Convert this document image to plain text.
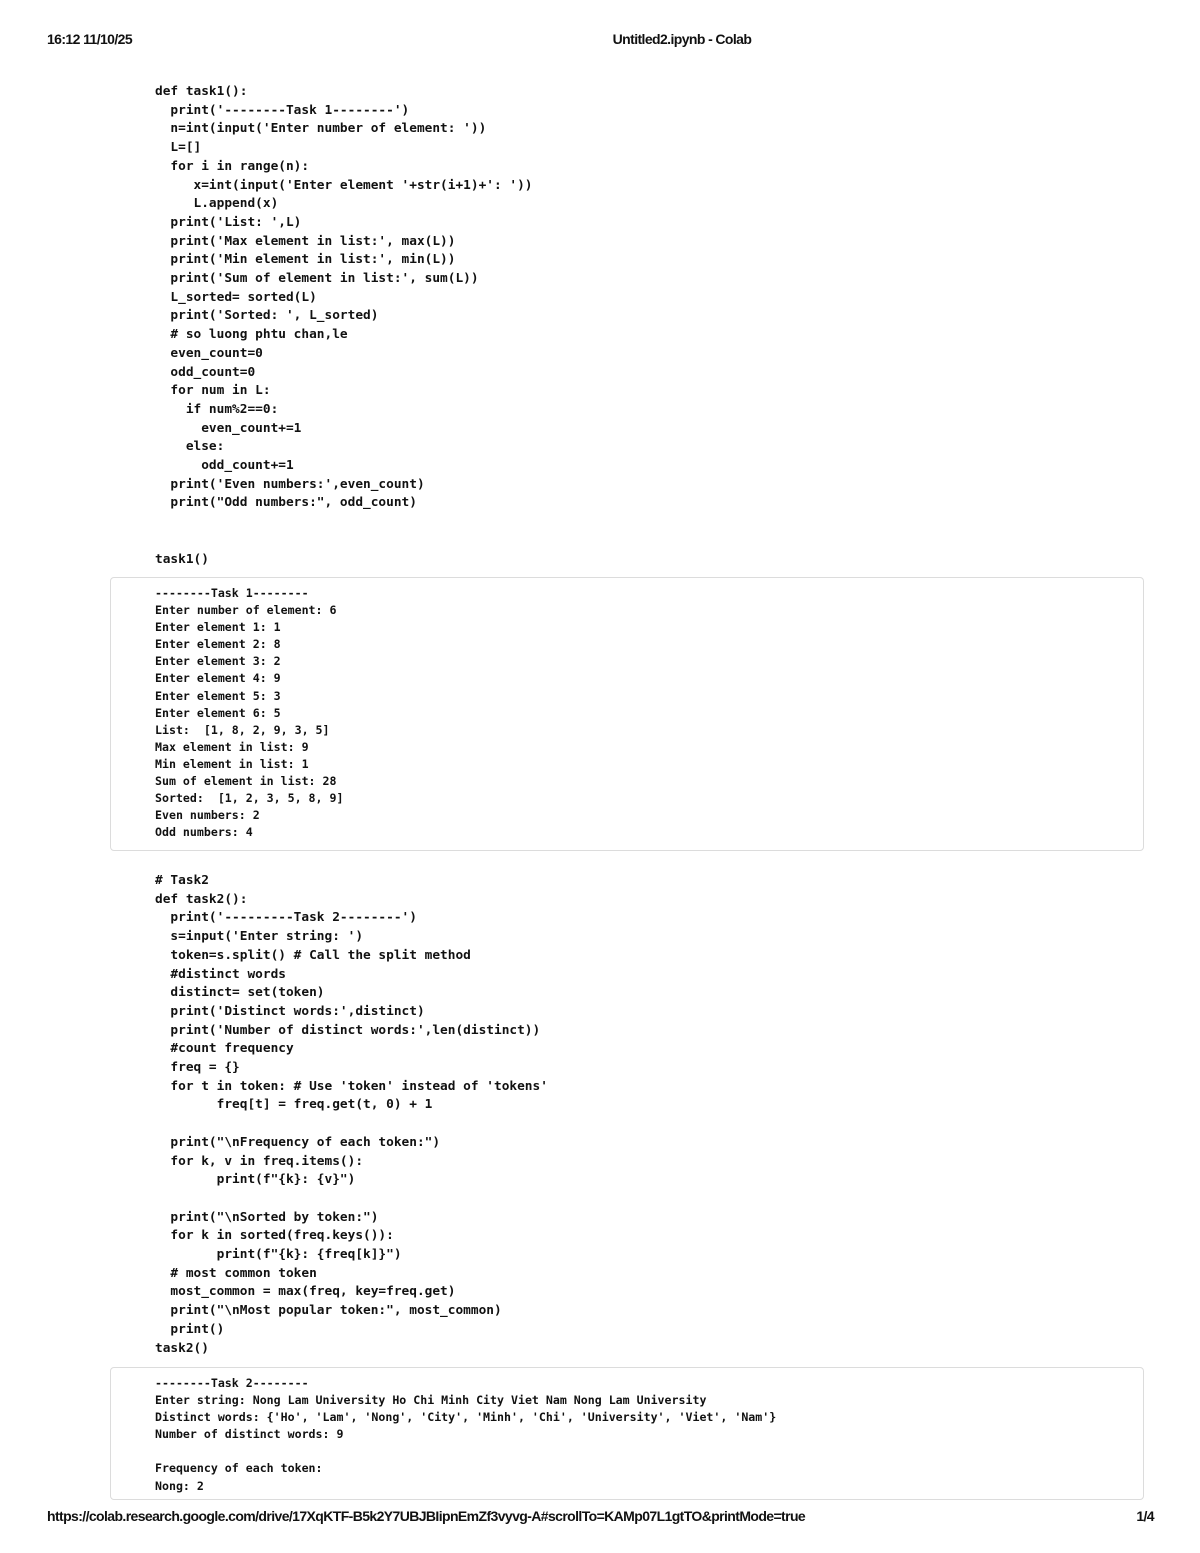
16:12 11/10/25	Untitled2.ipynb - Colab
def task1():
print('--------Task 1--------')
n=int(input('Enter number of element: '))
L=[]
for i in range(n):
x=int(input('Enter element '+str(i+1)+': '))
L.append(x)
print('List: ',L)
print('Max element in list:', max(L))
print('Min element in list:', min(L))
print('Sum of element in list:', sum(L))
L_sorted= sorted(L)
print('Sorted: ', L_sorted)
# so luong phtu chan,le
even_count=0
odd_count=0
for num in L:
if num%2==0:
even_count+=1
else:
odd_count+=1
print('Even numbers:',even_count)
print("Odd numbers:", odd_count)

task1()
--------Task 1--------
Enter number of element: 6
Enter element 1: 1
Enter element 2: 8
Enter element 3: 2
Enter element 4: 9
Enter element 5: 3
Enter element 6: 5
List:  [1, 8, 2, 9, 3, 5]
Max element in list: 9
Min element in list: 1
Sum of element in list: 28
Sorted:  [1, 2, 3, 5, 8, 9]
Even numbers: 2
Odd numbers: 4
# Task2
def task2():
print('---------Task 2--------')
s=input('Enter string: ')
token=s.split() # Call the split method
#distinct words
distinct= set(token)
print('Distinct words:',distinct)
print('Number of distinct words:',len(distinct))
#count frequency
freq = {}
for t in token: # Use 'token' instead of 'tokens'
freq[t] = freq.get(t, 0) + 1

print("\nFrequency of each token:")
for k, v in freq.items():
print(f"{k}: {v}")

print("\nSorted by token:")
for k in sorted(freq.keys()):
print(f"{k}: {freq[k]}")
# most common token
most_common = max(freq, key=freq.get)
print("\nMost popular token:", most_common)
print()
task2()
--------Task 2--------
Enter string: Nong Lam University Ho Chi Minh City Viet Nam Nong Lam University
Distinct words: {'Ho', 'Lam', 'Nong', 'City', 'Minh', 'Chi', 'University', 'Viet', 'Nam'}
Number of distinct words: 9

Frequency of each token:
Nong: 2
https://colab.research.google.com/drive/17XqKTF-B5k2Y7UBJBIipnEmZf3vyvg-A#scrollTo=KAMp07L1gtTO&printMode=true	1/4
